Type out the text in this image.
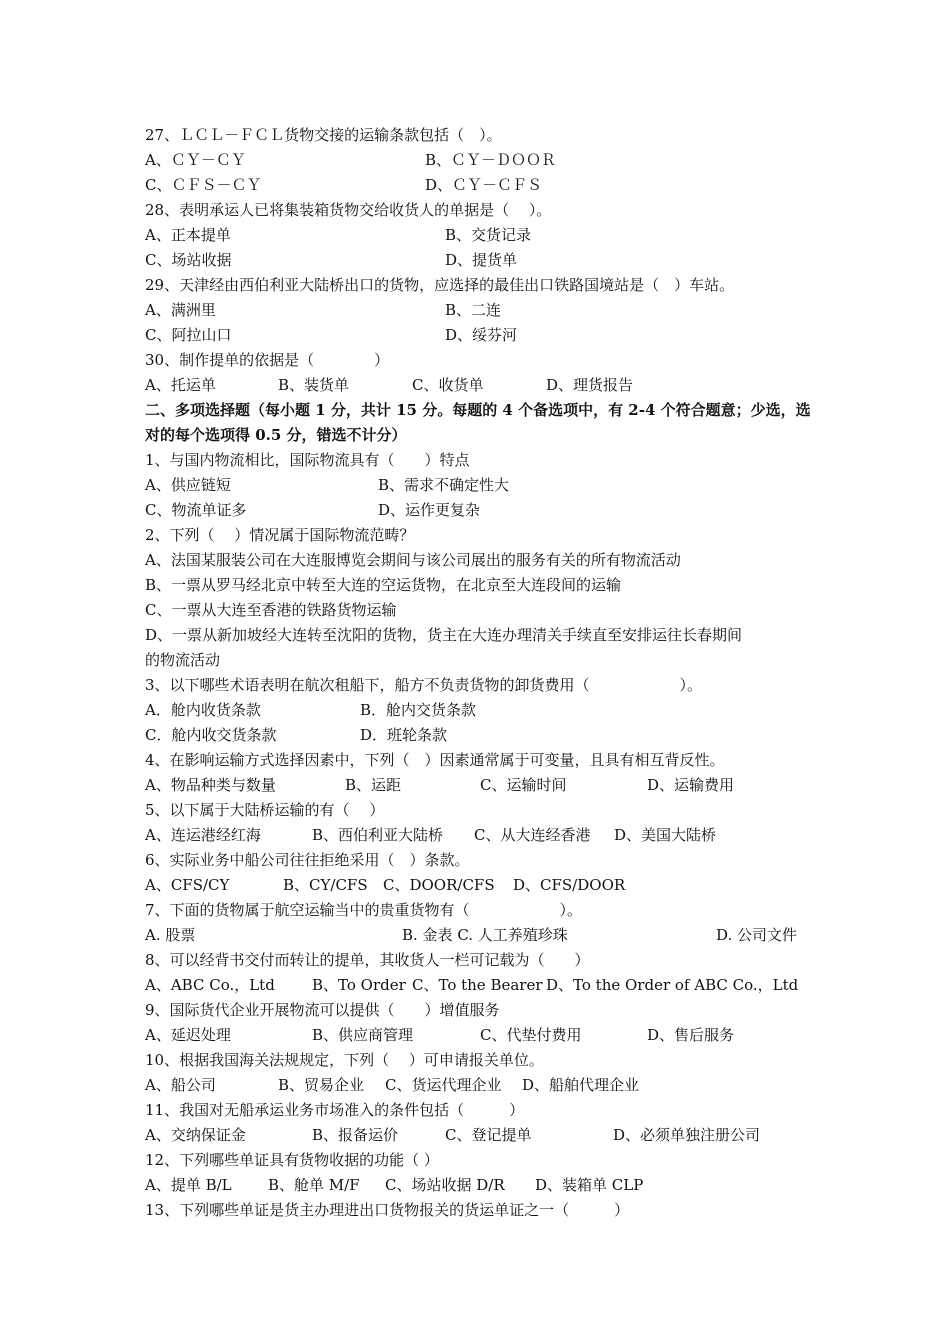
27、ＬＣＬ－ＦＣＬ货物交接的运输条款包括（　）。
A、ＣＹ－ＣＹ	B、ＣＹ－ＤＯＯＲ
C、ＣＦＳ－ＣＹ	D、ＣＹ－ＣＦＳ
28、表明承运人已将集装箱货物交给收货人的单据是（　 ）。
A、正本提单	B、交货记录
C、场站收据	D、提货单
29、天津经由西伯利亚大陆桥出口的货物，应选择的最佳出口铁路国境站是（　）车站。
A、满洲里	B、二连
C、阿拉山口	D、绥芬河
30、制作提单的依据是（　　　　）
A、托运单	B、装货单	C、收货单	D、理货报告
二、多项选择题（每小题 1 分，共计 15 分。每题的 4 个备选项中，有 2-4 个符合题意；少选，选
对的每个选项得 0.5 分，错选不计分）
1、与国内物流相比，国际物流具有（　　）特点
A、供应链短	B、需求不确定性大
C、物流单证多	D、运作更复杂
2、下列（　 ）情况属于国际物流范畴？
A、法国某服装公司在大连服博览会期间与该公司展出的服务有关的所有物流活动
B、一票从罗马经北京中转至大连的空运货物，在北京至大连段间的运输
C、一票从大连至香港的铁路货物运输
D、一票从新加坡经大连转至沈阳的货物，货主在大连办理清关手续直至安排运往长春期间
的物流活动
3、以下哪些术语表明在航次租船下，船方不负责货物的卸货费用（　　　　　　）。
A．舱内收货条款	B．舱内交货条款
C．舱内收交货条款	D．班轮条款
4、在影响运输方式选择因素中，下列（　）因素通常属于可变量，且具有相互背反性。
A、物品种类与数量	B、运距	C、运输时间	D、运输费用
5、以下属于大陆桥运输的有（　 ）
A、连运港经红海	B、西伯利亚大陆桥 C、从大连经香港 D、美国大陆桥
6、实际业务中船公司往往拒绝采用（　）条款。
A、CFS/CY	B、CY/CFS C、DOOR/CFS D、CFS/DOOR
7、下面的货物属于航空运输当中的贵重货物有（　　　　　　）。
A. 股票	B. 金表 C. 人工养殖珍珠	D. 公司文件
8、可以经背书交付而转让的提单，其收货人一栏可记载为（　　）
A、ABC Co.，Ltd B、To Order C、To the Bearer D、To the Order of ABC Co.，Ltd
9、国际货代企业开展物流可以提供（　　）增值服务
A、延迟处理	B、供应商管理	C、代垫付费用	D、售后服务
10、根据我国海关法规规定，下列（　 ）可申请报关单位。
A、船公司	B、贸易企业 C、货运代理企业 D、船舶代理企业
11、我国对无船承运业务市场准入的条件包括（　　　）
A、交纳保证金	B、报备运价	C、登记提单	D、必须单独注册公司
12、下列哪些单证具有货物收据的功能（ ）
A、提单 B/L B、舱单 M/F C、场站收据 D/R D、装箱单 CLP
13、下列哪些单证是货主办理进出口货物报关的货运单证之一（　　　）
